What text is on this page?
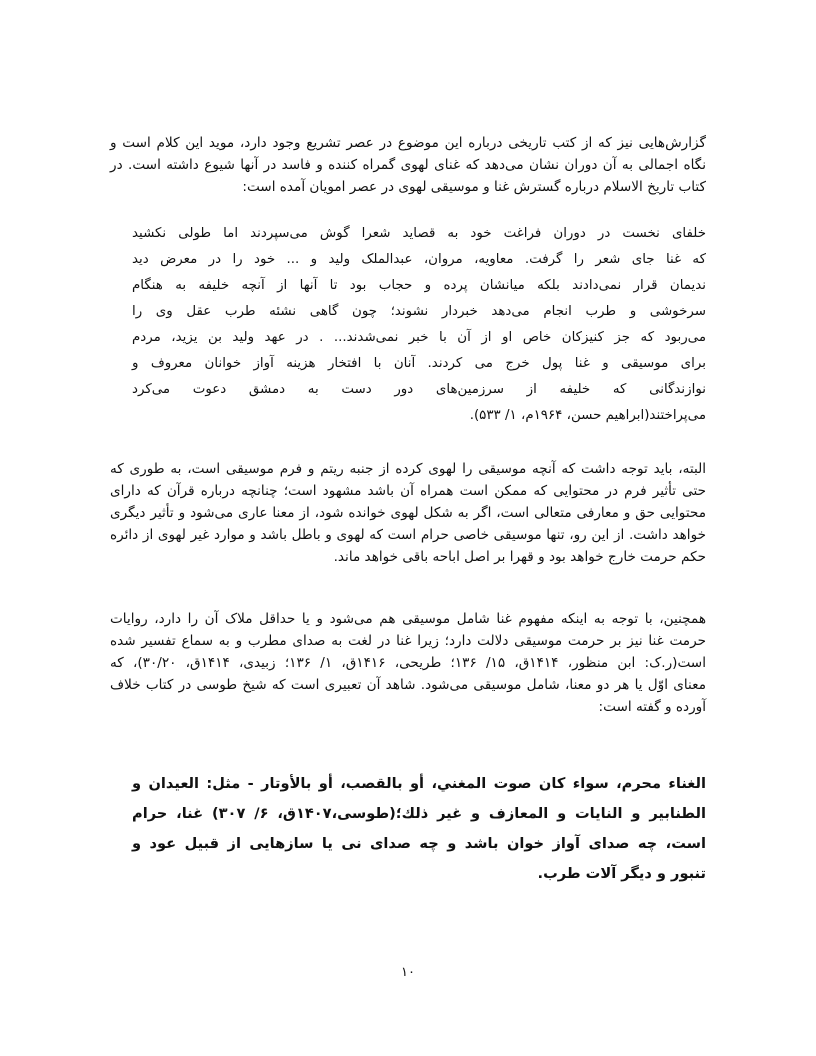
گزارش‌هایی نیز که از کتب تاریخی درباره این موضوع در عصر تشریع وجود دارد، موید این کلام است و
نگاه اجمالی به آن دوران نشان می‌دهد که غنای لهوی گمراه کننده و فاسد در آنها شیوع داشته است. در
کتاب تاریخ الاسلام درباره گسترش غنا و موسیقی لهوی در عصر امویان آمده است:
خلفای نخست در دوران فراغت خود به قصاید شعرا گوش می‌سپردند اما طولی نکشید
که غنا جای شعر را گرفت. معاویه، مروان، عبدالملک ولید و ... خود را در معرض دید
ندیمان قرار نمی‌دادند بلکه میانشان پرده و حجاب بود تا آنها از آنچه خلیفه به هنگام
سرخوشی و طرب انجام می‌دهد خبردار نشوند؛ چون گاهی نشئه طرب عقل وی را
می‌ربود که جز کنیزکان خاص او از آن با خبر نمی‌شدند... . در عهد ولید بن یزید، مردم
برای موسیقی و غنا پول خرج می کردند. آنان با افتخار هزینه آواز خوانان معروف و
نوازندگانی که خلیفه از سرزمین‌های دور دست به دمشق دعوت می‌کرد
می‌پراختند(ابراهیم حسن، ۱۹۶۴م، ۱/ ۵۳۳).
البته، باید توجه داشت که آنچه موسیقی را لهوی کرده از جنبه ریتم و فرم موسیقی است، به طوری که
حتی تأثیر فرم در محتوایی که ممکن است همراه آن باشد مشهود است؛ چنانچه درباره قرآن که دارای
محتوایی حق و معارفی متعالی است، اگر به شکل لهوی خوانده شود، از معنا عاری می‌شود و تأثیر دیگری
خواهد داشت. از این رو، تنها موسیقی خاصی حرام است که لهوی و باطل باشد و موارد غیر لهوی از دائره
حکم حرمت خارج خواهد بود و قهرا بر اصل اباحه باقی خواهد ماند.
همچنین، با توجه به اینکه مفهوم غنا شامل موسیقی هم می‌شود و یا حداقل ملاک آن را دارد، روایات
حرمت غنا نیز بر حرمت موسیقی دلالت دارد؛ زیرا غنا در لغت به صدای مطرب و به سماع تفسیر شده
است(ر.ک: ابن منظور، ۱۴۱۴ق، ۱۵/ ۱۳۶؛ طریحی، ۱۴۱۶ق، ۱/ ۱۳۶؛ زبیدی، ۱۴۱۴ق، ۳۰/۲۰)، که
معنای اوّل یا هر دو معنا، شامل موسیقی می‌شود. شاهد آن تعبیری است که شیخ طوسی در کتاب خلاف
آورده و گفته است:
الغناء محرم، سواء كان صوت المغني، أو بالقصب، أو بالأوتار - مثل: العيدان و
الطنابير و النايات و المعازف و غير ذلك؛(طوسی،۱۴۰۷ق، ۶/ ۳۰۷) غنا، حرام
است، چه صدای آواز خوان باشد و چه صدای نی یا سازهایی از قبیل عود و
تنبور و دیگر آلات طرب.
۱۰
